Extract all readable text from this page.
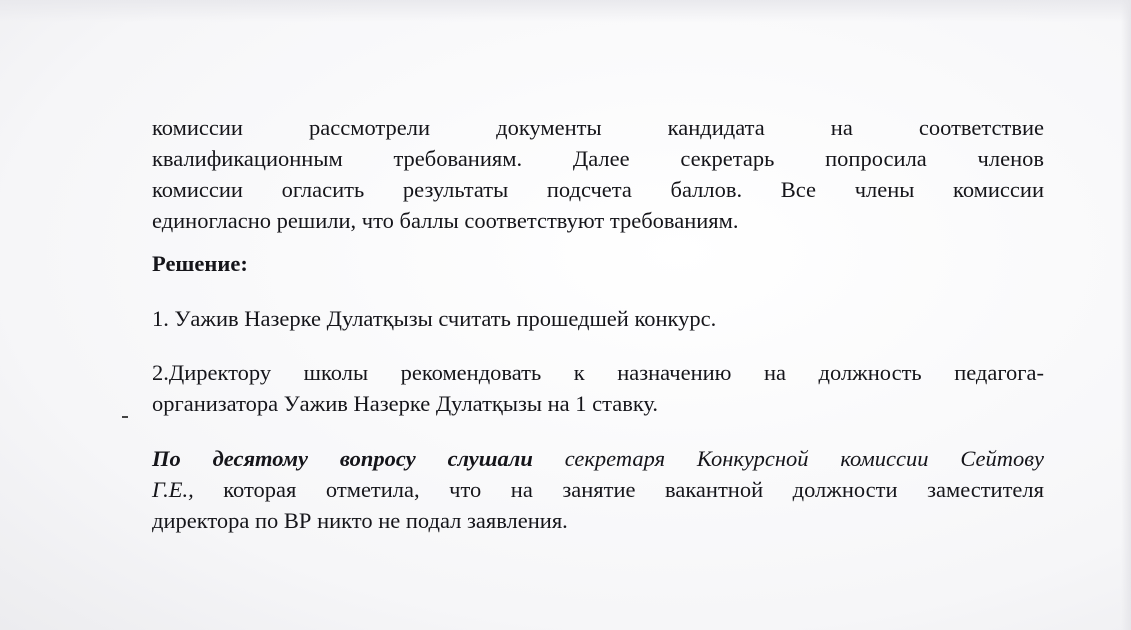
комиссии рассмотрели документы кандидата на соответствие
квалификационным требованиям. Далее секретарь попросила членов
комиссии огласить результаты подсчета баллов. Все члены комиссии
единогласно решили, что баллы соответствуют требованиям.

Решение:

1. Уажив Назерке Дулатқызы считать прошедшей конкурс.

2.Директору школы рекомендовать к назначению на должность педагога-
организатора Уажив Назерке Дулатқызы на 1 ставку.
По десятому вопросу слушали секретаря Конкурсной комиссии Сейтову
Г.Е., которая отметила, что на занятие вакантной должности заместителя
директора по ВР никто не подал заявления.
